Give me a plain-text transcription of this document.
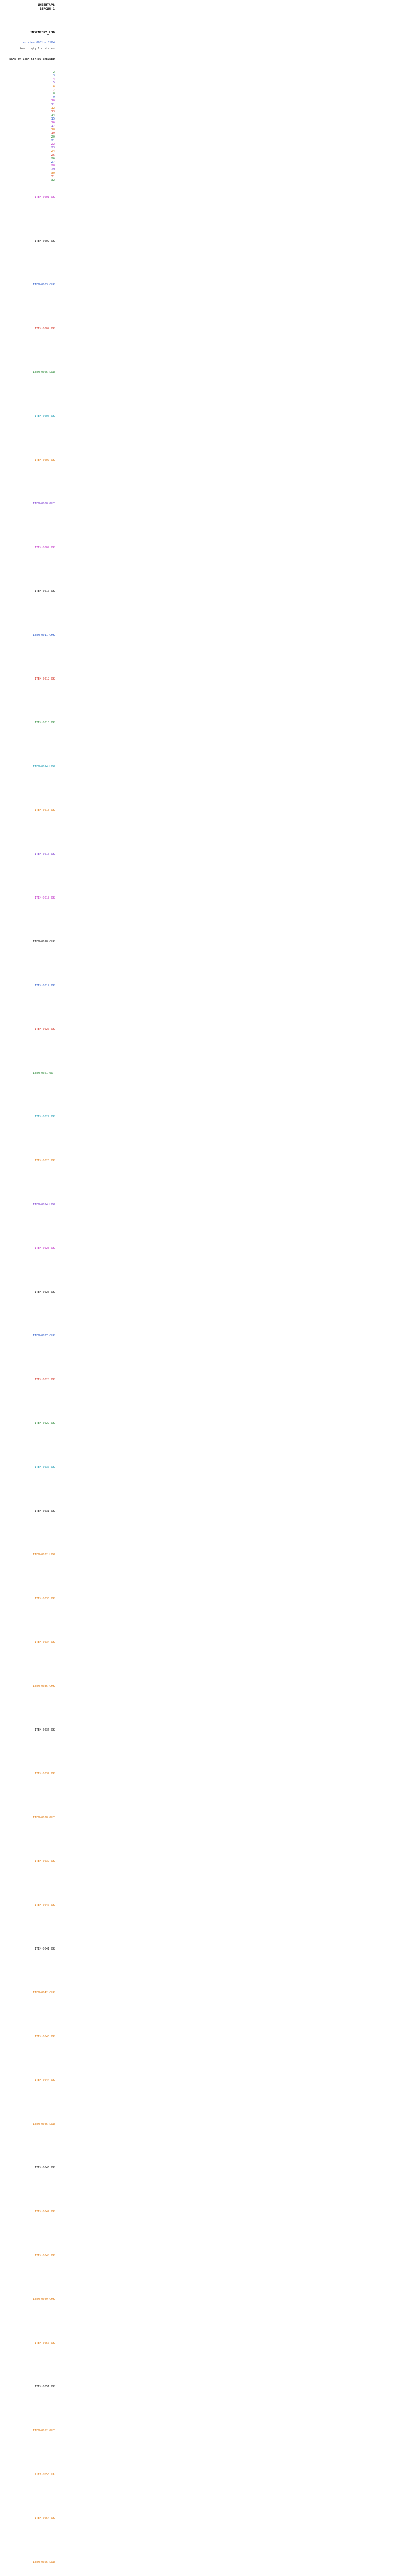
ИНВЕНТАРЬ
ВЕРСИЯ 1
INVENTORY_LOG
entries 0001 — 0184
item_id qty loc status
NAME OF ITEM STATUS CHECKED
1
2
3
4
5
6
7
8
9
10
11
12
13
14
15
16
17
18
19
20
21
22
23
24
25
26
27
28
29
30
31
32
ITEM-0001 OK
ITEM-0002 OK
ITEM-0003 CHK
ITEM-0004 OK
ITEM-0005 LOW
ITEM-0006 OK
ITEM-0007 OK
ITEM-0008 OUT
ITEM-0009 OK
ITEM-0010 OK
ITEM-0011 CHK
ITEM-0012 OK
ITEM-0013 OK
ITEM-0014 LOW
ITEM-0015 OK
ITEM-0016 OK
ITEM-0017 OK
ITEM-0018 CHK
ITEM-0019 OK
ITEM-0020 OK
ITEM-0021 OUT
ITEM-0022 OK
ITEM-0023 OK
ITEM-0024 LOW
ITEM-0025 OK
ITEM-0026 OK
ITEM-0027 CHK
ITEM-0028 OK
ITEM-0029 OK
ITEM-0030 OK
ITEM-0031 OK
ITEM-0032 LOW
ITEM-0033 OK
ITEM-0034 OK
ITEM-0035 CHK
ITEM-0036 OK
ITEM-0037 OK
ITEM-0038 OUT
ITEM-0039 OK
ITEM-0040 OK
ITEM-0041 OK
ITEM-0042 CHK
ITEM-0043 OK
ITEM-0044 OK
ITEM-0045 LOW
ITEM-0046 OK
ITEM-0047 OK
ITEM-0048 OK
ITEM-0049 CHK
ITEM-0050 OK
ITEM-0051 OK
ITEM-0052 OUT
ITEM-0053 OK
ITEM-0054 OK
ITEM-0055 LOW
